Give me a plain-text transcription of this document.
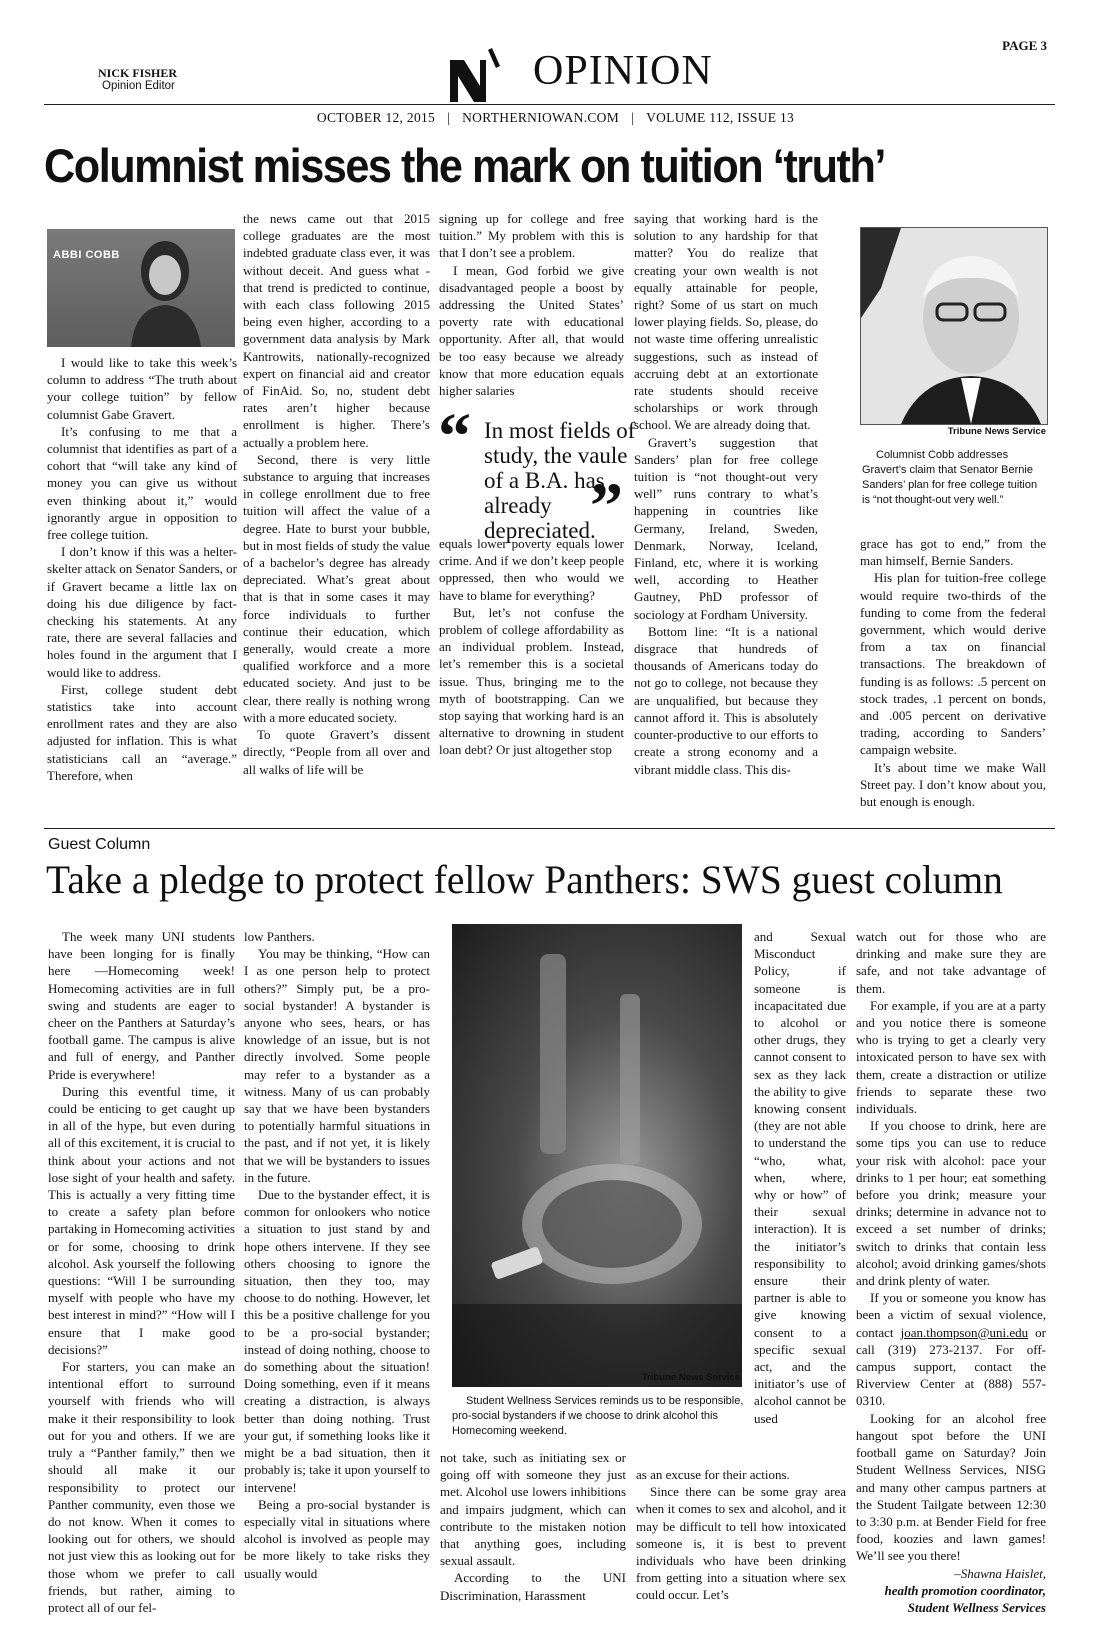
PAGE 3
NICK FISHER
Opinion Editor	OPINION
OCTOBER 12, 2015 | NORTHERNIOWAN.COM | VOLUME 112, ISSUE 13
Columnist misses the mark on tuition ‘truth’
ABBI COBB

I would like to take this week’s column to address “The truth about your college tuition” by fellow columnist Gabe Gravert.

It’s confusing to me that a columnist that identifies as part of a cohort that “will take any kind of money you can give us without even thinking about it,” would ignorantly argue in opposition to free college tuition.

I don’t know if this was a helter-skelter attack on Senator Sanders, or if Gravert became a little lax on doing his due diligence by fact-checking his statements. At any rate, there are several fallacies and holes found in the argument that I would like to address.

First, college student debt statistics take into account enrollment rates and they are also adjusted for inflation. This is what statisticians call an “average.” Therefore, when

the news came out that 2015 college graduates are the most indebted graduate class ever, it was without deceit. And guess what - that trend is predicted to continue, with each class following 2015 being even higher, according to a government data analysis by Mark Kantrowits, nationally-recognized expert on financial aid and creator of FinAid. So, no, student debt rates aren’t higher because enrollment is higher. There’s actually a problem here.

Second, there is very little substance to arguing that increases in college enrollment due to free tuition will affect the value of a degree. Hate to burst your bubble, but in most fields of study the value of a bachelor’s degree has already depreciated. What’s great about that is that in some cases it may force individuals to further continue their education, which generally, would create a more qualified workforce and a more educated society. And just to be clear, there really is nothing wrong with a more educated society.

To quote Gravert’s dissent directly, “People from all over and all walks of life will be

signing up for college and free tuition.” My problem with this is that I don’t see a problem.

I mean, God forbid we give disadvantaged people a boost by addressing the United States’ poverty rate with educational opportunity. After all, that would be too easy because we already know that more education equals higher salaries

“ In most fields of study, the vaule of a B.A. has already depreciated.
”

equals lower poverty equals lower crime. And if we don’t keep people oppressed, then who would we have to blame for everything?

But, let’s not confuse the problem of college affordability as an individual problem. Instead, let’s remember this is a societal issue. Thus, bringing me to the myth of bootstrapping. Can we stop saying that working hard is an alternative to drowning in student loan debt? Or just altogether stop

saying that working hard is the solution to any hardship for that matter? You do realize that creating your own wealth is not equally attainable for people, right? Some of us start on much lower playing fields. So, please, do not waste time offering unrealistic suggestions, such as instead of accruing debt at an extortionate rate students should receive scholarships or work through school. We are already doing that.

Gravert’s suggestion that Sanders’ plan for free college tuition is “not thought-out very well” runs contrary to what’s happening in countries like Germany, Ireland, Sweden, Denmark, Norway, Iceland, Finland, etc, where it is working well, according to Heather Gautney, PhD professor of sociology at Fordham University.

Bottom line: “It is a national disgrace that hundreds of thousands of Americans today do not go to college, not because they are unqualified, but because they cannot afford it. This is absolutely counter-productive to our efforts to create a strong economy and a vibrant middle class. This dis-

Tribune News Service
Columnist Cobb addresses Gravert’s claim that Senator Bernie Sanders’ plan for free college tuition is “not thought-out very well.”

grace has got to end,” from the man himself, Bernie Sanders.

His plan for tuition-free college would require two-thirds of the funding to come from the federal government, which would derive from a tax on financial transactions. The breakdown of funding is as follows: .5 percent on stock trades, .1 percent on bonds, and .005 percent on derivative trading, according to Sanders’ campaign website.

It’s about time we make Wall Street pay. I don’t know about you, but enough is enough.

Guest Column
Take a pledge to protect fellow Panthers: SWS guest column

The week many UNI students have been longing for is finally here —Homecoming week! Homecoming activities are in full swing and students are eager to cheer on the Panthers at Saturday’s football game. The campus is alive and full of energy, and Panther Pride is everywhere!

During this eventful time, it could be enticing to get caught up in all of the hype, but even during all of this excitement, it is crucial to think about your actions and not lose sight of your health and safety. This is actually a very fitting time to create a safety plan before partaking in Homecoming activities or for some, choosing to drink alcohol. Ask yourself the following questions: “Will I be surrounding myself with people who have my best interest in mind?” “How will I ensure that I make good decisions?”

For starters, you can make an intentional effort to surround yourself with friends who will make it their responsibility to look out for you and others. If we are truly a “Panther family,” then we should all make it our responsibility to protect our Panther community, even those we do not know. When it comes to looking out for others, we should not just view this as looking out for those whom we prefer to call friends, but rather, aiming to protect all of our fel-

low Panthers.

You may be thinking, “How can I as one person help to protect others?” Simply put, be a pro-social bystander! A bystander is anyone who sees, hears, or has knowledge of an issue, but is not directly involved. Some people may refer to a bystander as a witness. Many of us can probably say that we have been bystanders to potentially harmful situations in the past, and if not yet, it is likely that we will be bystanders to issues in the future.

Due to the bystander effect, it is common for onlookers who notice a situation to just stand by and hope others intervene. If they see others choosing to ignore the situation, then they too, may choose to do nothing. However, let this be a positive challenge for you to be a pro-social bystander; instead of doing nothing, choose to do something about the situation! Doing something, even if it means creating a distraction, is always better than doing nothing. Trust your gut, if something looks like it might be a bad situation, then it probably is; take it upon yourself to intervene!

Being a pro-social bystander is especially vital in situations where alcohol is involved as people may be more likely to take risks they usually would

Tribune News Service
Student Wellness Services reminds us to be responsible, pro-social bystanders if we choose to drink alcohol this Homecoming weekend.

not take, such as initiating sex or going off with someone they just met. Alcohol use lowers inhibitions and impairs judgment, which can contribute to the mistaken notion that anything goes, including sexual assault.

According to the UNI Discrimination, Harassment

and Sexual Misconduct Policy, if someone is incapacitated due to alcohol or other drugs, they cannot consent to sex as they lack the ability to give knowing consent (they are not able to understand the “who, what, when, where, why or how” of their sexual interaction). It is the initiator’s responsibility to ensure their partner is able to give knowing consent to a specific sexual act, and the initiator’s use of alcohol cannot be used

as an excuse for their actions.

Since there can be some gray area when it comes to sex and alcohol, and it may be difficult to tell how intoxicated someone is, it is best to prevent individuals who have been drinking from getting into a situation where sex could occur. Let’s

watch out for those who are drinking and make sure they are safe, and not take advantage of them.

For example, if you are at a party and you notice there is someone who is trying to get a clearly very intoxicated person to have sex with them, create a distraction or utilize friends to separate these two individuals.

If you choose to drink, here are some tips you can use to reduce your risk with alcohol: pace your drinks to 1 per hour; eat something before you drink; measure your drinks; determine in advance not to exceed a set number of drinks; switch to drinks that contain less alcohol; avoid drinking games/shots and drink plenty of water.

If you or someone you know has been a victim of sexual violence, contact joan.thompson@uni.edu or call (319) 273-2137. For off-campus support, contact the Riverview Center at (888) 557-0310.

Looking for an alcohol free hangout spot before the UNI football game on Saturday? Join Student Wellness Services, NISG and many other campus partners at the Student Tailgate between 12:30 to 3:30 p.m. at Bender Field for free food, koozies and lawn games! We’ll see you there!

–Shawna Haislet,
health promotion coordinator,
Student Wellness Services
